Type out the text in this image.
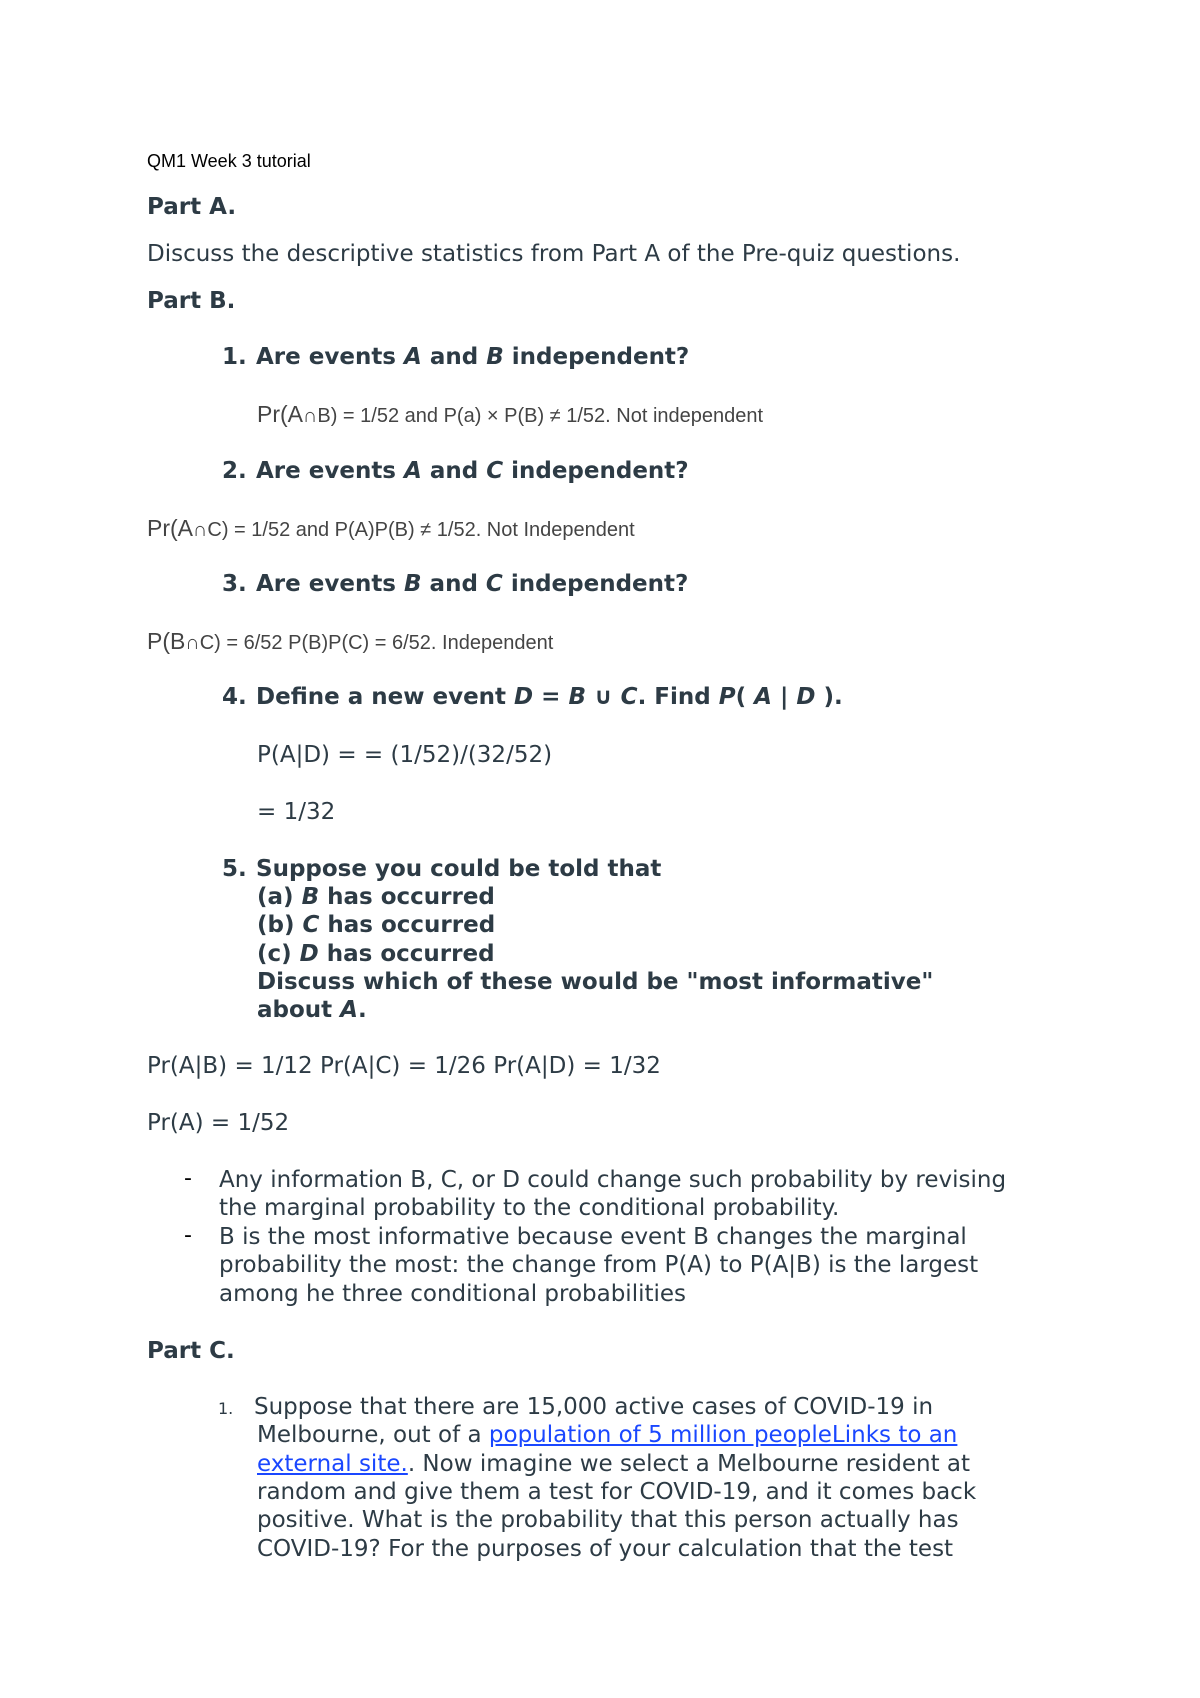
QM1 Week 3 tutorial
Part A.
Discuss the descriptive statistics from Part A of the Pre-quiz questions.
Part B.
1. Are events A and B independent?
Pr(A∩B) = 1/52 and P(a) × P(B) ≠ 1/52. Not independent
2. Are events A and C independent?
Pr(A∩C) = 1/52 and P(A)P(B) ≠ 1/52. Not Independent
3. Are events B and C independent?
P(B∩C) = 6/52 P(B)P(C) = 6/52. Independent
4. Define a new event D = B ∪ C. Find P( A | D ).
P(A|D) = = (1/52)/(32/52)
= 1/32
5. Suppose you could be told that
(a) B has occurred
(b) C has occurred
(c) D has occurred
Discuss which of these would be "most informative"
about A.
Pr(A|B) = 1/12 Pr(A|C) = 1/26 Pr(A|D) = 1/32
Pr(A) = 1/52
- Any information B, C, or D could change such probability by revising
the marginal probability to the conditional probability.
- B is the most informative because event B changes the marginal
probability the most: the change from P(A) to P(A|B) is the largest
among he three conditional probabilities
Part C.
1. Suppose that there are 15,000 active cases of COVID-19 in
Melbourne, out of a population of 5 million peopleLinks to an
external site.. Now imagine we select a Melbourne resident at
random and give them a test for COVID-19, and it comes back
positive. What is the probability that this person actually has
COVID-19? For the purposes of your calculation that the test
